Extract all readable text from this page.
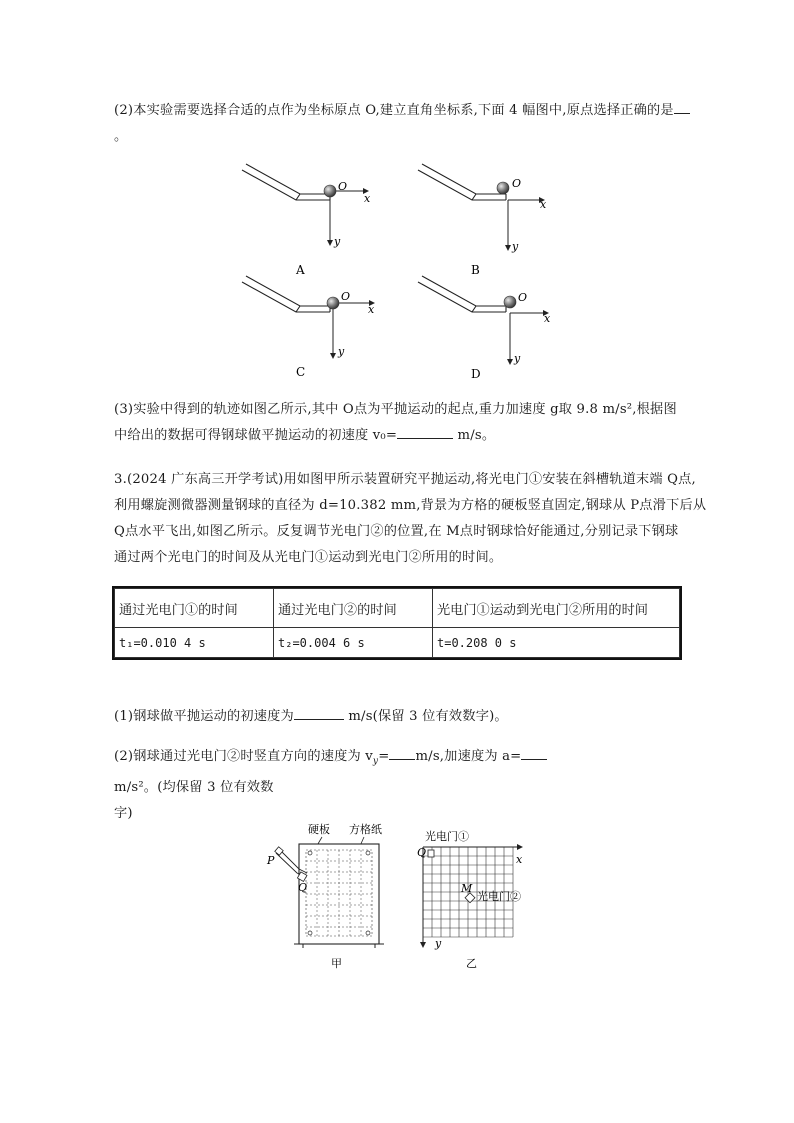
(2)本实验需要选择合适的点作为坐标原点 O,建立直角坐标系,下面 4 幅图中,原点选择正确的是。
O
x
y
A
O
x
y
B
O
x
y
C
O
x
y
D
(3)实验中得到的轨迹如图乙所示,其中 O点为平抛运动的起点,重力加速度 g取 9.8 m/s²,根据图
中给出的数据可得钢球做平抛运动的初速度 v₀=	m/s。
3.(2024 广东高三开学考试)用如图甲所示装置研究平抛运动,将光电门①安装在斜槽轨道末端 Q点,
利用螺旋测微器测量钢球的直径为 d=10.382 mm,背景为方格的硬板竖直固定,钢球从 P点滑下后从
Q点水平飞出,如图乙所示。反复调节光电门②的位置,在 M点时钢球恰好能通过,分别记录下钢球
通过两个光电门的时间及从光电门①运动到光电门②所用的时间。
通过光电门①的时间	通过光电门②的时间	光电门①运动到光电门②所用的时间
t₁=0.010 4 s	t₂=0.004 6 s	t=0.208 0 s
(1)钢球做平抛运动的初速度为	m/s(保留 3 位有效数字)。
(2)钢球通过光电门②时竖直方向的速度为 $v_y= m/s$,加速度为 a=m/s²。(均保留 3 位有效数
字)
硬板 方格纸
P
Q
甲
光电门①
Q
x
y
M
光电门②
乙
